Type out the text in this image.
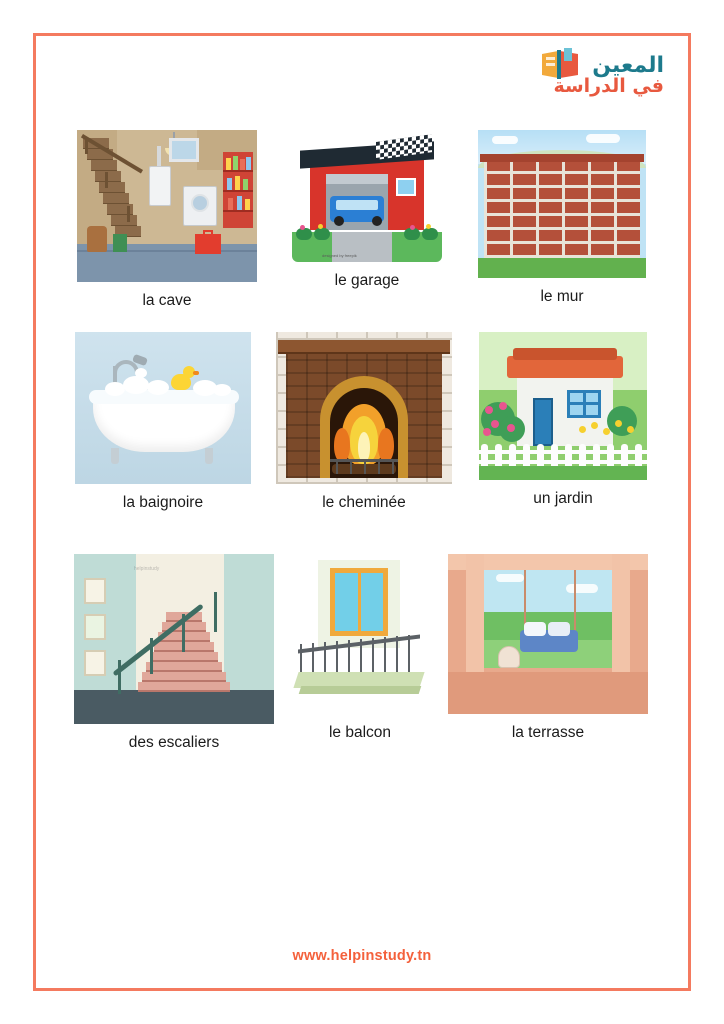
المعين
في الدراسة
la cave
designed by freepik
le garage
le mur
la baignoire	le cheminée	un jardin
helpinstudy
des escaliers
le balcon	la terrasse
www.helpinstudy.tn
